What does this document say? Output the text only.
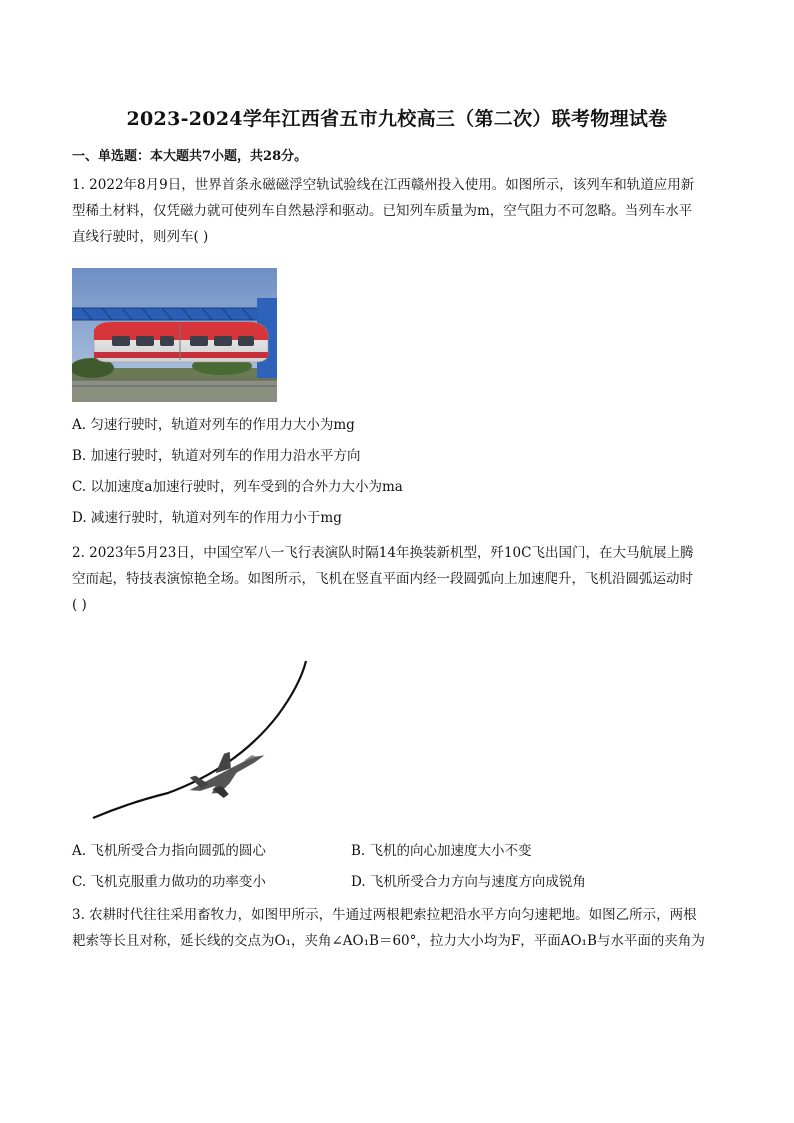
2023-2024学年江西省五市九校高三（第二次）联考物理试卷
一、单选题：本大题共7小题，共28分。
1. 2022年8月9日，世界首条永磁磁浮空轨试验线在江西赣州投入使用。如图所示，该列车和轨道应用新
型稀土材料，仅凭磁力就可使列车自然悬浮和驱动。已知列车质量为m，空气阻力不可忽略。当列车水平
直线行驶时，则列车( )
A. 匀速行驶时，轨道对列车的作用力大小为mg
B. 加速行驶时，轨道对列车的作用力沿水平方向
C. 以加速度a加速行驶时，列车受到的合外力大小为ma
D. 减速行驶时，轨道对列车的作用力小于mg
2. 2023年5月23日，中国空军八一飞行表演队时隔14年换装新机型，歼10C飞出国门，在大马航展上腾
空而起，特技表演惊艳全场。如图所示，飞机在竖直平面内经一段圆弧向上加速爬升，飞机沿圆弧运动时
( )
A. 飞机所受合力指向圆弧的圆心	B. 飞机的向心加速度大小不变
C. 飞机克服重力做功的功率变小	D. 飞机所受合力方向与速度方向成锐角
3. 农耕时代往往采用畜牧力，如图甲所示，牛通过两根耙索拉耙沿水平方向匀速耙地。如图乙所示，两根
耙索等长且对称，延长线的交点为O₁，夹角∠AO₁B＝60°，拉力大小均为F，平面AO₁B与水平面的夹角为
